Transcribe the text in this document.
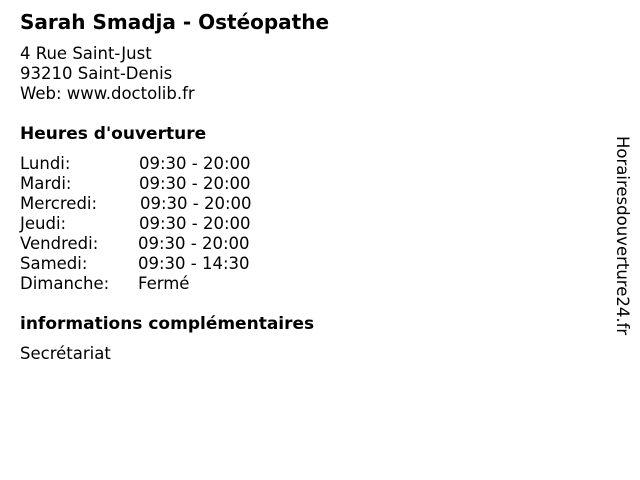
Sarah Smadja - Ostéopathe
4 Rue Saint-Just
93210 Saint-Denis
Web: www.doctolib.fr
Heures d'ouverture
Lundi:	09:30 - 20:00
Mardi:	09:30 - 20:00
Mercredi:	09:30 - 20:00
Jeudi:	09:30 - 20:00
Vendredi: 09:30 - 20:00
Samedi:	09:30 - 14:30
Dimanche: Fermé
informations complémentaires
Secrétariat
Horairesdouverture24.fr
